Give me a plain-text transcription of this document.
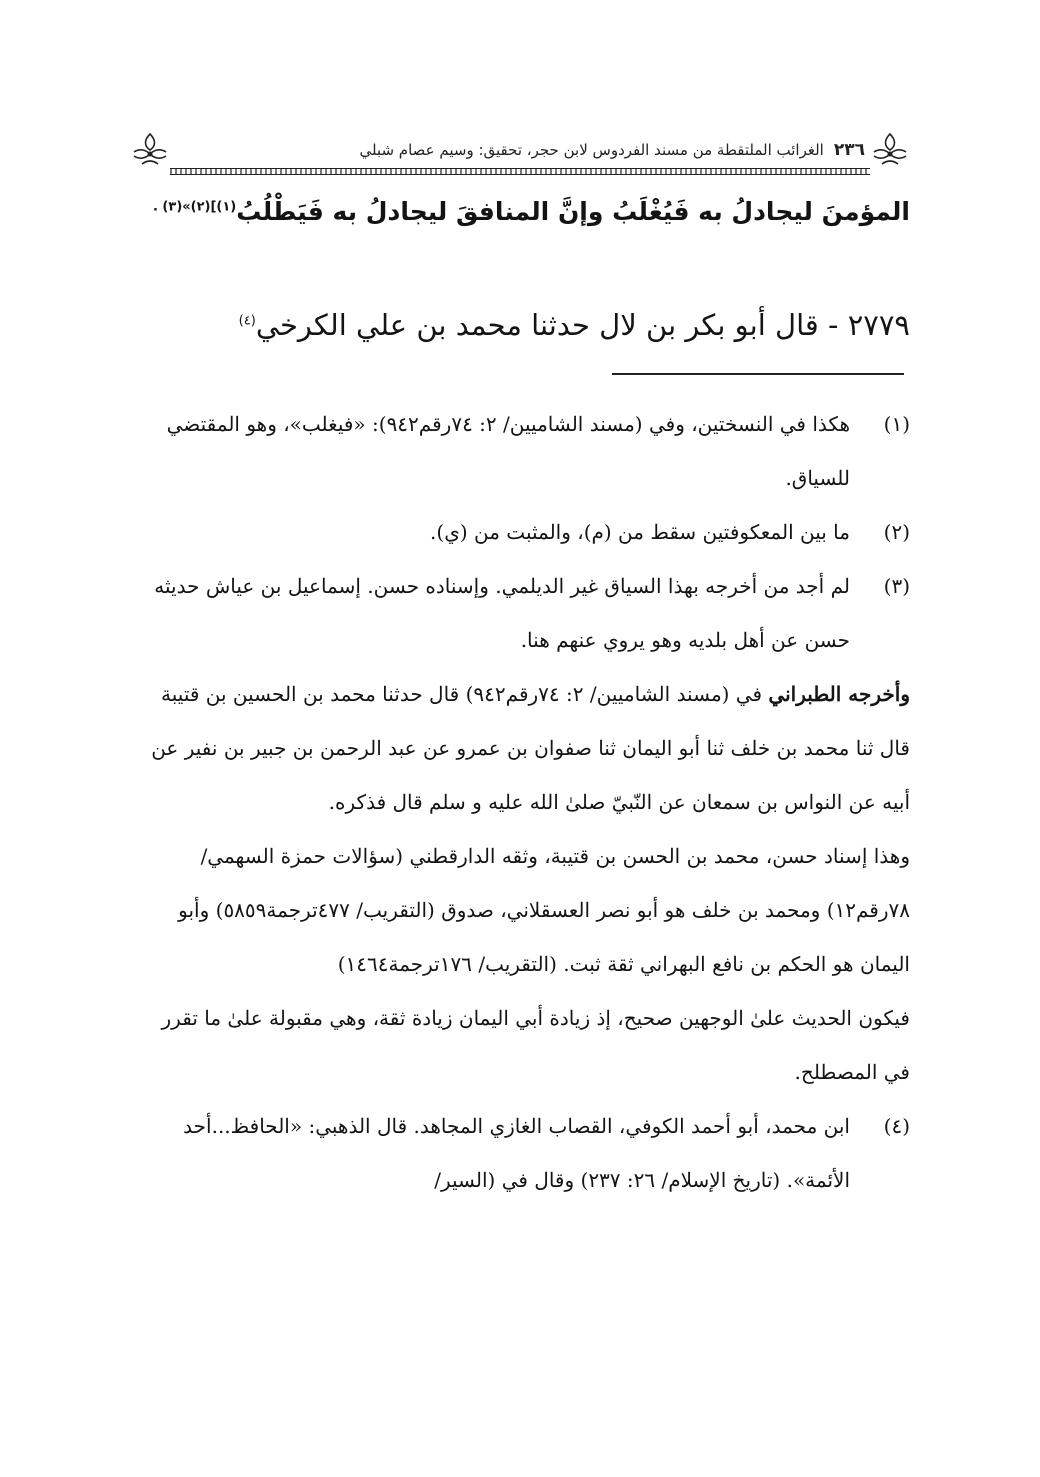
٢٣٦
الغرائب الملتقطة من مسند الفردوس لابن حجر، تحقيق: وسيم عصام شبلي
المؤمنَ ليجادلُ به فَيُغْلَبُ وإنَّ المنافقَ ليجادلُ به فَيَطْلُبُ$^{(١)](٢)»(٣) .}$
٢٧٧٩ - قال أبو بكر بن لال حدثنا محمد بن علي الكرخي$^{(٤)}$
(١)
هكذا في النسختين، وفي (مسند الشاميين/ ٢: ٧٤رقم٩٤٢): «فيغلب»، وهو المقتضي للسياق.
(٢)
ما بين المعكوفتين سقط من (م)، والمثبت من (ي).
(٣)
لم أجد من أخرجه بهذا السياق غير الديلمي. وإسناده حسن. إسماعيل بن عياش حديثه حسن عن أهل بلديه وهو يروي عنهم هنا.
وأخرجه الطبراني في (مسند الشاميين/ ٢: ٧٤رقم٩٤٢) قال حدثنا محمد بن الحسين بن قتيبة قال ثنا محمد بن خلف ثنا أبو اليمان ثنا صفوان بن عمرو عن عبد الرحمن بن جبير بن نفير عن أبيه عن النواس بن سمعان عن النّبيّ صلىٰ الله عليه و سلم قال فذكره.
وهذا إسناد حسن، محمد بن الحسن بن قتيبة، وثقه الدارقطني (سؤالات حمزة السهمي/ ٧٨رقم١٢) ومحمد بن خلف هو أبو نصر العسقلاني، صدوق (التقريب/ ٤٧٧ترجمة٥٨٥٩) وأبو اليمان هو الحكم بن نافع البهراني ثقة ثبت. (التقريب/ ١٧٦ترجمة١٤٦٤)
فيكون الحديث علىٰ الوجهين صحيح، إذ زيادة أبي اليمان زيادة ثقة، وهي مقبولة علىٰ ما تقرر في المصطلح.
(٤)
ابن محمد، أبو أحمد الكوفي، القصاب الغازي المجاهد. قال الذهبي: «الحافظ...أحد الأئمة». (تاريخ الإسلام/ ٢٦: ٢٣٧) وقال في (السير/
